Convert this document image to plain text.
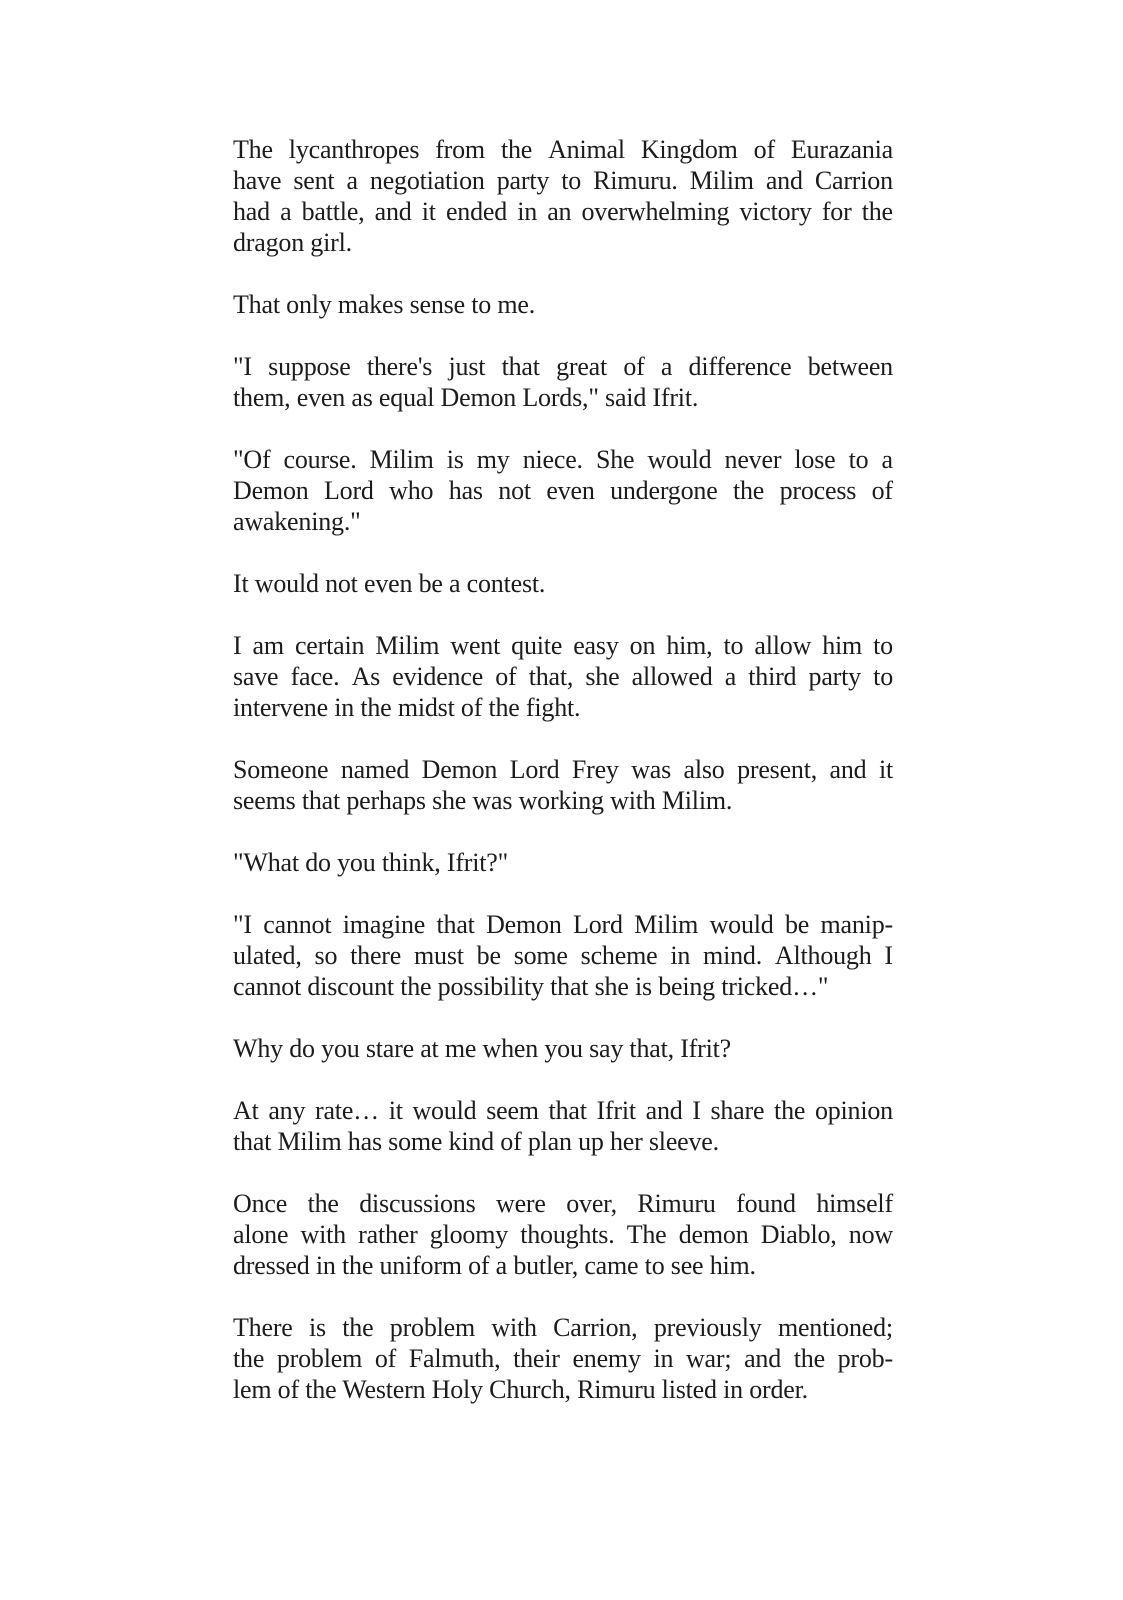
The lycanthropes from the Animal Kingdom of Eurazania
have sent a negotiation party to Rimuru. Milim and Carrion
had a battle, and it ended in an overwhelming victory for the
dragon girl.

That only makes sense to me.

"I suppose there's just that great of a difference between
them, even as equal Demon Lords," said Ifrit.

"Of course. Milim is my niece. She would never lose to a
Demon Lord who has not even undergone the process of
awakening."

It would not even be a contest.

I am certain Milim went quite easy on him, to allow him to
save face. As evidence of that, she allowed a third party to
intervene in the midst of the fight.

Someone named Demon Lord Frey was also present, and it
seems that perhaps she was working with Milim.

"What do you think, Ifrit?"

"I cannot imagine that Demon Lord Milim would be manip-
ulated, so there must be some scheme in mind. Although I
cannot discount the possibility that she is being tricked…"

Why do you stare at me when you say that, Ifrit?

At any rate… it would seem that Ifrit and I share the opinion
that Milim has some kind of plan up her sleeve.

Once the discussions were over, Rimuru found himself
alone with rather gloomy thoughts. The demon Diablo, now
dressed in the uniform of a butler, came to see him.

There is the problem with Carrion, previously mentioned;
the problem of Falmuth, their enemy in war; and the prob-
lem of the Western Holy Church, Rimuru listed in order.
